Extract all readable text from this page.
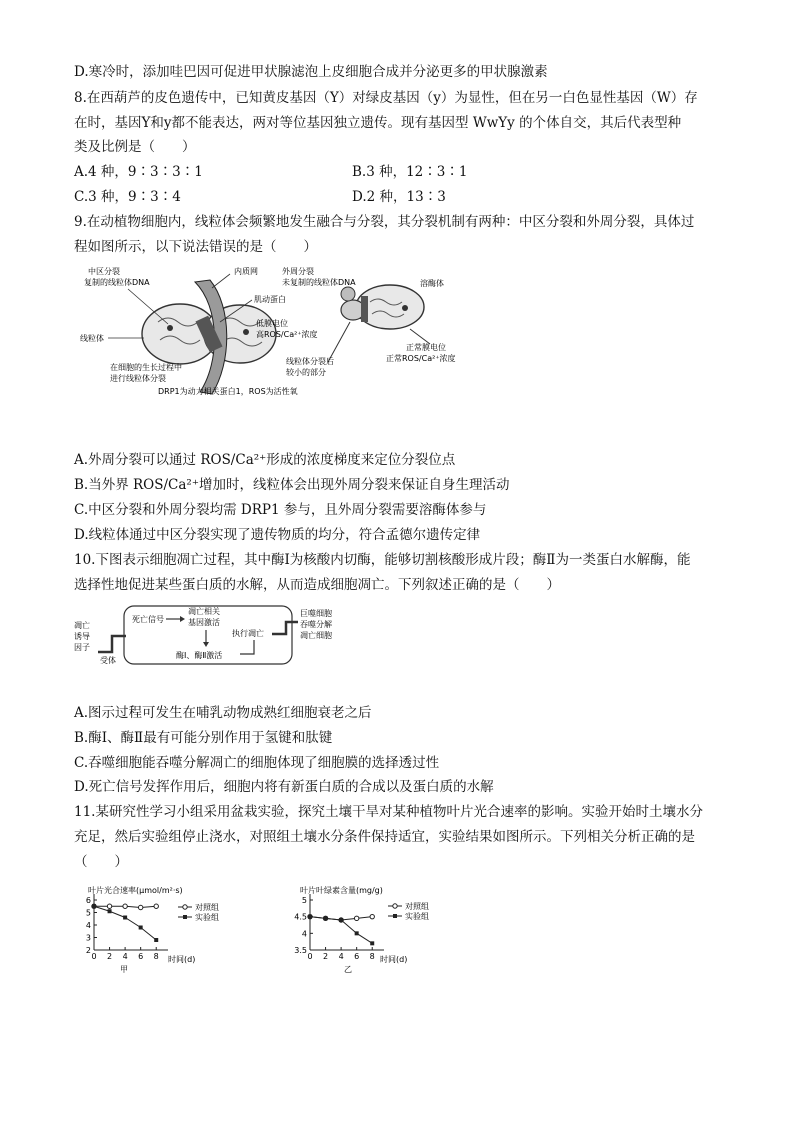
D.寒冷时，添加哇巴因可促进甲状腺滤泡上皮细胞合成并分泌更多的甲状腺激素
8.在西葫芦的皮色遗传中，已知黄皮基因（Y）对绿皮基因（y）为显性，但在另一白色显性基因（W）存
在时，基因Y和y都不能表达，两对等位基因独立遗传。现有基因型 WwYy 的个体自交，其后代表型种
类及比例是（　　）
A.4 种，9∶3∶3∶1	B.3 种，12∶3∶1
C.3 种，9∶3∶4	D.2 种，13∶3
9.在动植物细胞内，线粒体会频繁地发生融合与分裂，其分裂机制有两种：中区分裂和外周分裂，具体过
程如图所示，以下说法错误的是（　　）
中区分裂
复制的线粒体DNA
内质网
肌动蛋白
线粒体
在细胞的生长过程中
进行线粒体分裂
外周分裂
未复制的线粒体DNA	溶酶体
低膜电位
高ROS/Ca²⁺浓度
正常膜电位
正常ROS/Ca²⁺浓度
线粒体分裂后
较小的部分
DRP1为动力相关蛋白1，ROS为活性氧
A.外周分裂可以通过 ROS/Ca²⁺形成的浓度梯度来定位分裂位点
B.当外界 ROS/Ca²⁺增加时，线粒体会出现外周分裂来保证自身生理活动
C.中区分裂和外周分裂均需 DRP1 参与，且外周分裂需要溶酶体参与
D.线粒体通过中区分裂实现了遗传物质的均分，符合孟德尔遗传定律
10.下图表示细胞凋亡过程，其中酶Ⅰ为核酸内切酶，能够切割核酸形成片段；酶Ⅱ为一类蛋白水解酶，能
选择性地促进某些蛋白质的水解，从而造成细胞凋亡。下列叙述正确的是（　　）
凋亡
诱导
因子
受体
死亡信号
凋亡相关
基因激活
酶Ⅰ、酶Ⅱ激活
执行凋亡
巨噬细胞
吞噬分解
凋亡细胞
A.图示过程可发生在哺乳动物成熟红细胞衰老之后
B.酶Ⅰ、酶Ⅱ最有可能分别作用于氢键和肽键
C.吞噬细胞能吞噬分解凋亡的细胞体现了细胞膜的选择透过性
D.死亡信号发挥作用后，细胞内将有新蛋白质的合成以及蛋白质的水解
11.某研究性学习小组采用盆栽实验，探究土壤干旱对某种植物叶片光合速率的影响。实验开始时土壤水分
充足，然后实验组停止浇水，对照组土壤水分条件保持适宜，实验结果如图所示。下列相关分析正确的是
（　　）
叶片光合速率(μmol/m²·s)
时间(d)
甲
对照组
实验组
2
3
4
5
6
0 2 4 6 8
叶片叶绿素含量(mg/g)
时间(d)
乙
对照组
实验组
3.5
4
4.5
5
0 2 4 6 8
